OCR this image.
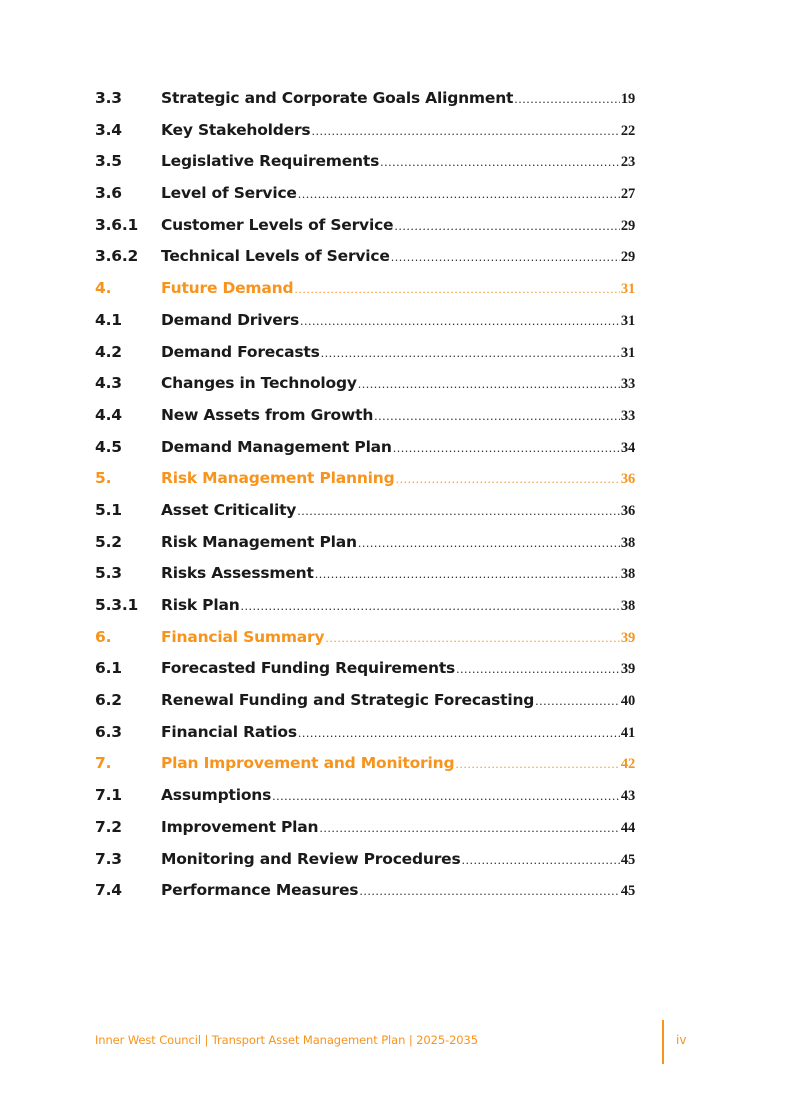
3.3	Strategic and Corporate Goals Alignment .....	19
3.4	Key Stakeholders .....	22
3.5	Legislative Requirements .....	23
3.6	Level of Service .....	27
3.6.1	Customer Levels of Service .....	29
3.6.2	Technical Levels of Service .....	29
4.	Future Demand .....	31
4.1	Demand Drivers .....	31
4.2	Demand Forecasts .....	31
4.3	Changes in Technology .....	33
4.4	New Assets from Growth .....	33
4.5	Demand Management Plan .....	34
5.	Risk Management Planning .....	36
5.1	Asset Criticality .....	36
5.2	Risk Management Plan .....	38
5.3	Risks Assessment .....	38
5.3.1	Risk Plan .....	38
6.	Financial Summary .....	39
6.1	Forecasted Funding Requirements .....	39
6.2	Renewal Funding and Strategic Forecasting .....	40
6.3	Financial Ratios .....	41
7.	Plan Improvement and Monitoring .....	42
7.1	Assumptions .....	43
7.2	Improvement Plan .....	44
7.3	Monitoring and Review Procedures .....	45
7.4	Performance Measures .....	45
Inner West Council | Transport Asset Management Plan | 2025-2035	iv
